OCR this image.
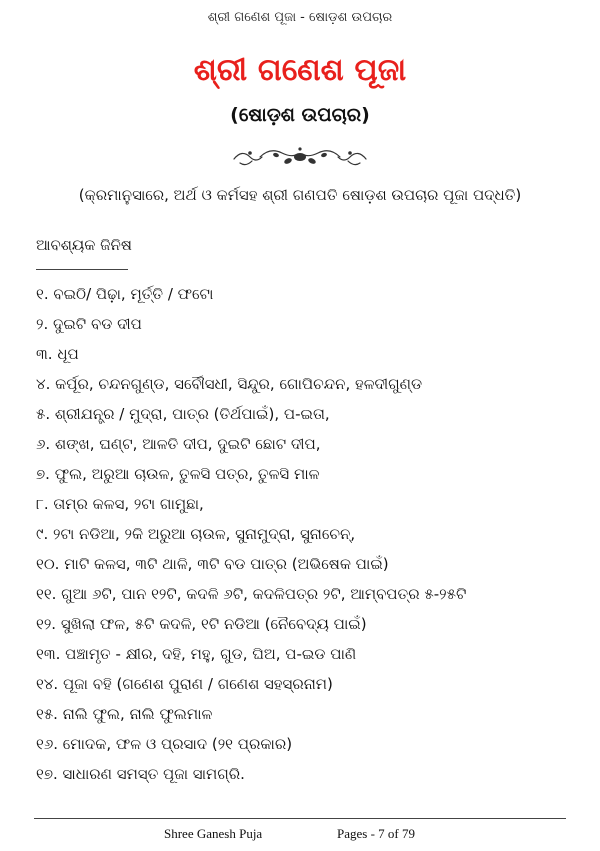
ଶ୍ରୀ ଗଣେଶ ପୂଜା - ଷୋଡ଼ଶ ଉପଚାର
ଶ୍ରୀ ଗଣେଶ ପୂଜା
(ଷୋଡ଼ଶ ଉପଚାର)
(କ୍ରମାନୁସାରେ, ଅର୍ଥ ଓ କର୍ମସହ ଶ୍ରୀ ଗଣପତି ଷୋଡ଼ଶ ଉପଚାର ପୂଜା ପଦ୍ଧତି)
ଆବଶ୍ୟକ ଜିନିଷ
୧. ବଇଠି/ ପିଢ଼ା, ମୂର୍ତ୍ତି / ଫଟୋ
୨. ଦୁଇଟି ବଡ ଦୀପ
୩. ଧୂପ
୪. କର୍ପୂର, ଚନ୍ଦନଗୁଣ୍ଡ, ସର୍ବୌସଧୀ, ସିନ୍ଦୁର, ଗୋପିଚନ୍ଦନ, ହଳଦୀଗୁଣ୍ଡ
୫. ଶ୍ରୀଯନ୍ତ୍ର / ମୁଦ୍ରା, ପାତ୍ର (ତିର୍ଥପାଇଁ), ପ-ଇତା,
୬. ଶଙ୍ଖ, ଘଣ୍ଟ, ଆଳତି ଦୀପ, ଦୁଇଟି ଛୋଟ ଦୀପ,
୭. ଫୁଲ, ଅରୁଆ ଚାଉଳ, ତୁଳସି ପତ୍ର, ତୁଳସି ମାଳ
୮. ତାମ୍ର କଳସ, ୨ଟା ଗାମୁଛା,
୯. ୨ଟା ନଡିଆ, ୨କି ଅରୁଆ ଚାଉଳ, ସୁନାମୁଦ୍ରା, ସୁନାଚେନ୍,
୧୦. ମାଟି କଳସ, ୩ଟି ଥାଳି, ୩ଟି ବଡ ପାତ୍ର (ଅଭିଷେକ ପାଇଁ)
୧୧. ଗୁଆ ୬ଟି, ପାନ ୧୨ଟି, କଦଳି ୬ଟି, କଦଳିପତ୍ର ୨ଟି, ଆମ୍ବପତ୍ର ୫-୨୫ଟି
୧୨. ସୁଖିଲା ଫଳ, ୫ଟି କଦଳି, ୧ଟି ନଡିଆ (ନୈବେଦ୍ୟ ପାଇଁ)
୧୩. ପଞ୍ଚାମୃତ - କ୍ଷୀର, ଦହି, ମହୁ, ଗୁଡ, ଘିଅ, ପ-ଇଡ ପାଣି
୧୪. ପୂଜା ବହି (ଗଣେଶ ପୁରାଣ / ଗଣେଶ ସହସ୍ରନାମ)
୧୫. ନାଲି ଫୁଲ, ନାଲି ଫୁଲମାଳ
୧୬. ମୋଦକ, ଫଳ ଓ ପ୍ରସାଦ (୨୧ ପ୍ରକାର)
୧୭. ସାଧାରଣ ସମସ୍ତ ପୂଜା ସାମଗ୍ରି.
Shree Ganesh Puja	Pages - 7 of 79
